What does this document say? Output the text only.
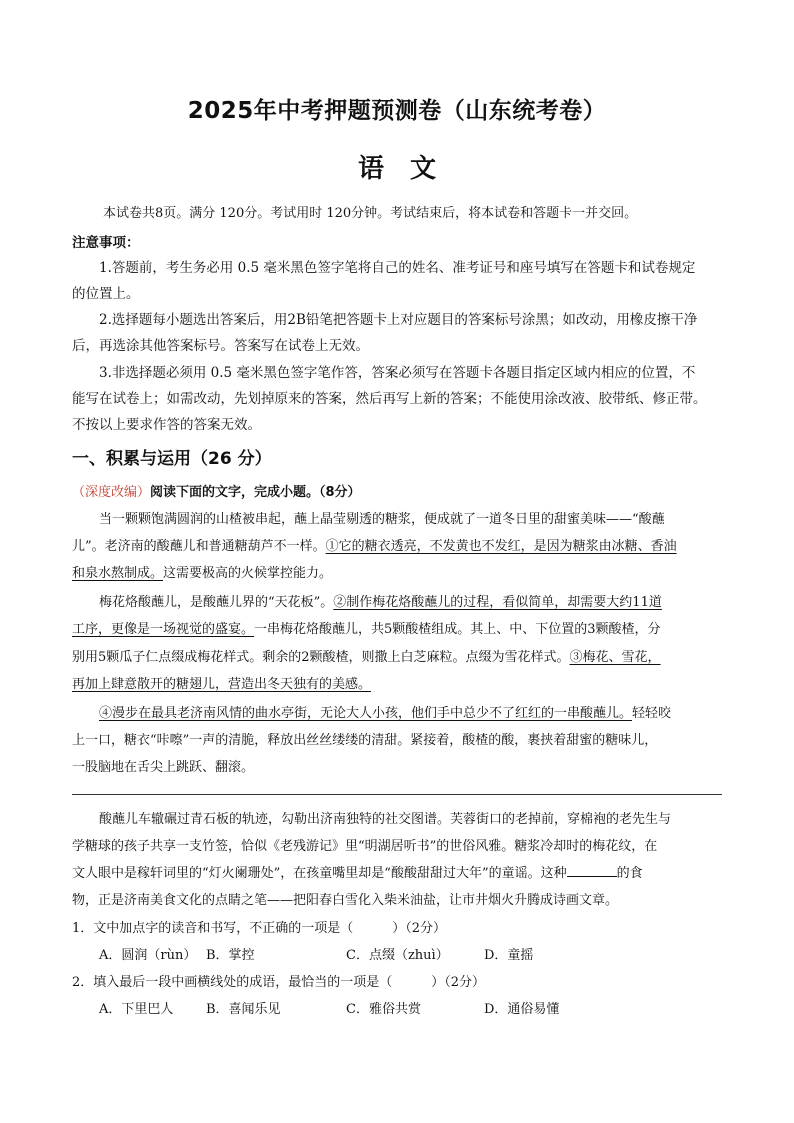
2025年中考押题预测卷（山东统考卷）
语文
本试卷共8页。满分 120分。考试用时 120分钟。考试结束后，将本试卷和答题卡一并交回。
注意事项：
1.答题前，考生务必用 0.5 毫米黑色签字笔将自己的姓名、准考证号和座号填写在答题卡和试卷规定
的位置上。
2.选择题每小题选出答案后，用2B铅笔把答题卡上对应题目的答案标号涂黑；如改动，用橡皮擦干净
后，再选涂其他答案标号。答案写在试卷上无效。
3.非选择题必须用 0.5 毫米黑色签字笔作答，答案必须写在答题卡各题目指定区域内相应的位置，不
能写在试卷上；如需改动，先划掉原来的答案，然后再写上新的答案；不能使用涂改液、胶带纸、修正带。
不按以上要求作答的答案无效。
一、积累与运用（26 分）
（深度改编）阅读下面的文字，完成小题。（8分）
当一颗颗饱满圆润的山楂被串起，蘸上晶莹剔透的糖浆，便成就了一道冬日里的甜蜜美味——“酸蘸
儿”。老济南的酸蘸儿和普通糖葫芦不一样。①它的糖衣透亮，不发黄也不发红，是因为糖浆由冰糖、香油
和泉水熬制成。这需要极高的火候掌控能力。
梅花烙酸蘸儿，是酸蘸儿界的“天花板”。②制作梅花烙酸蘸儿的过程，看似简单，却需要大约11道
工序，更像是一场视觉的盛宴。一串梅花烙酸蘸儿，共5颗酸楂组成。其上、中、下位置的3颗酸楂，分
别用5颗瓜子仁点缀成梅花样式。剩余的2颗酸楂，则撒上白芝麻粒。点缀为雪花样式。③梅花、雪花，
再加上肆意散开的糖翅儿，营造出冬天独有的美感。
④漫步在最具老济南风情的曲水亭街，无论大人小孩，他们手中总少不了红红的一串酸蘸儿。轻轻咬
上一口，糖衣“咔嚓”一声的清脆，释放出丝丝缕缕的清甜。紧接着，酸楂的酸，裹挟着甜蜜的糖味儿，
一股脑地在舌尖上跳跃、翻滚。
酸蘸儿车辙碾过青石板的轨迹，勾勒出济南独特的社交图谱。芙蓉街口的老掉前，穿棉袍的老先生与
学糖球的孩子共享一支竹签，恰似《老残游记》里“明湖居听书”的世俗风雅。糖浆冷却时的梅花纹，在
文人眼中是稼轩词里的“灯火阑珊处”，在孩童嘴里却是“酸酸甜甜过大年”的童谣。这种	的食
物，正是济南美食文化的点睛之笔——把阳春白雪化入柴米油盐，让市井烟火升腾成诗画文章。
1．文中加点字的读音和书写，不正确的一项是（　　　）（2分）
A．圆润（rùn） B．掌控	C．点缀（zhuì）	D．童摇
2．填入最后一段中画横线处的成语，最恰当的一项是（　　　）（2分）
A．下里巴人	B．喜闻乐见	C．雅俗共赏	D．通俗易懂
